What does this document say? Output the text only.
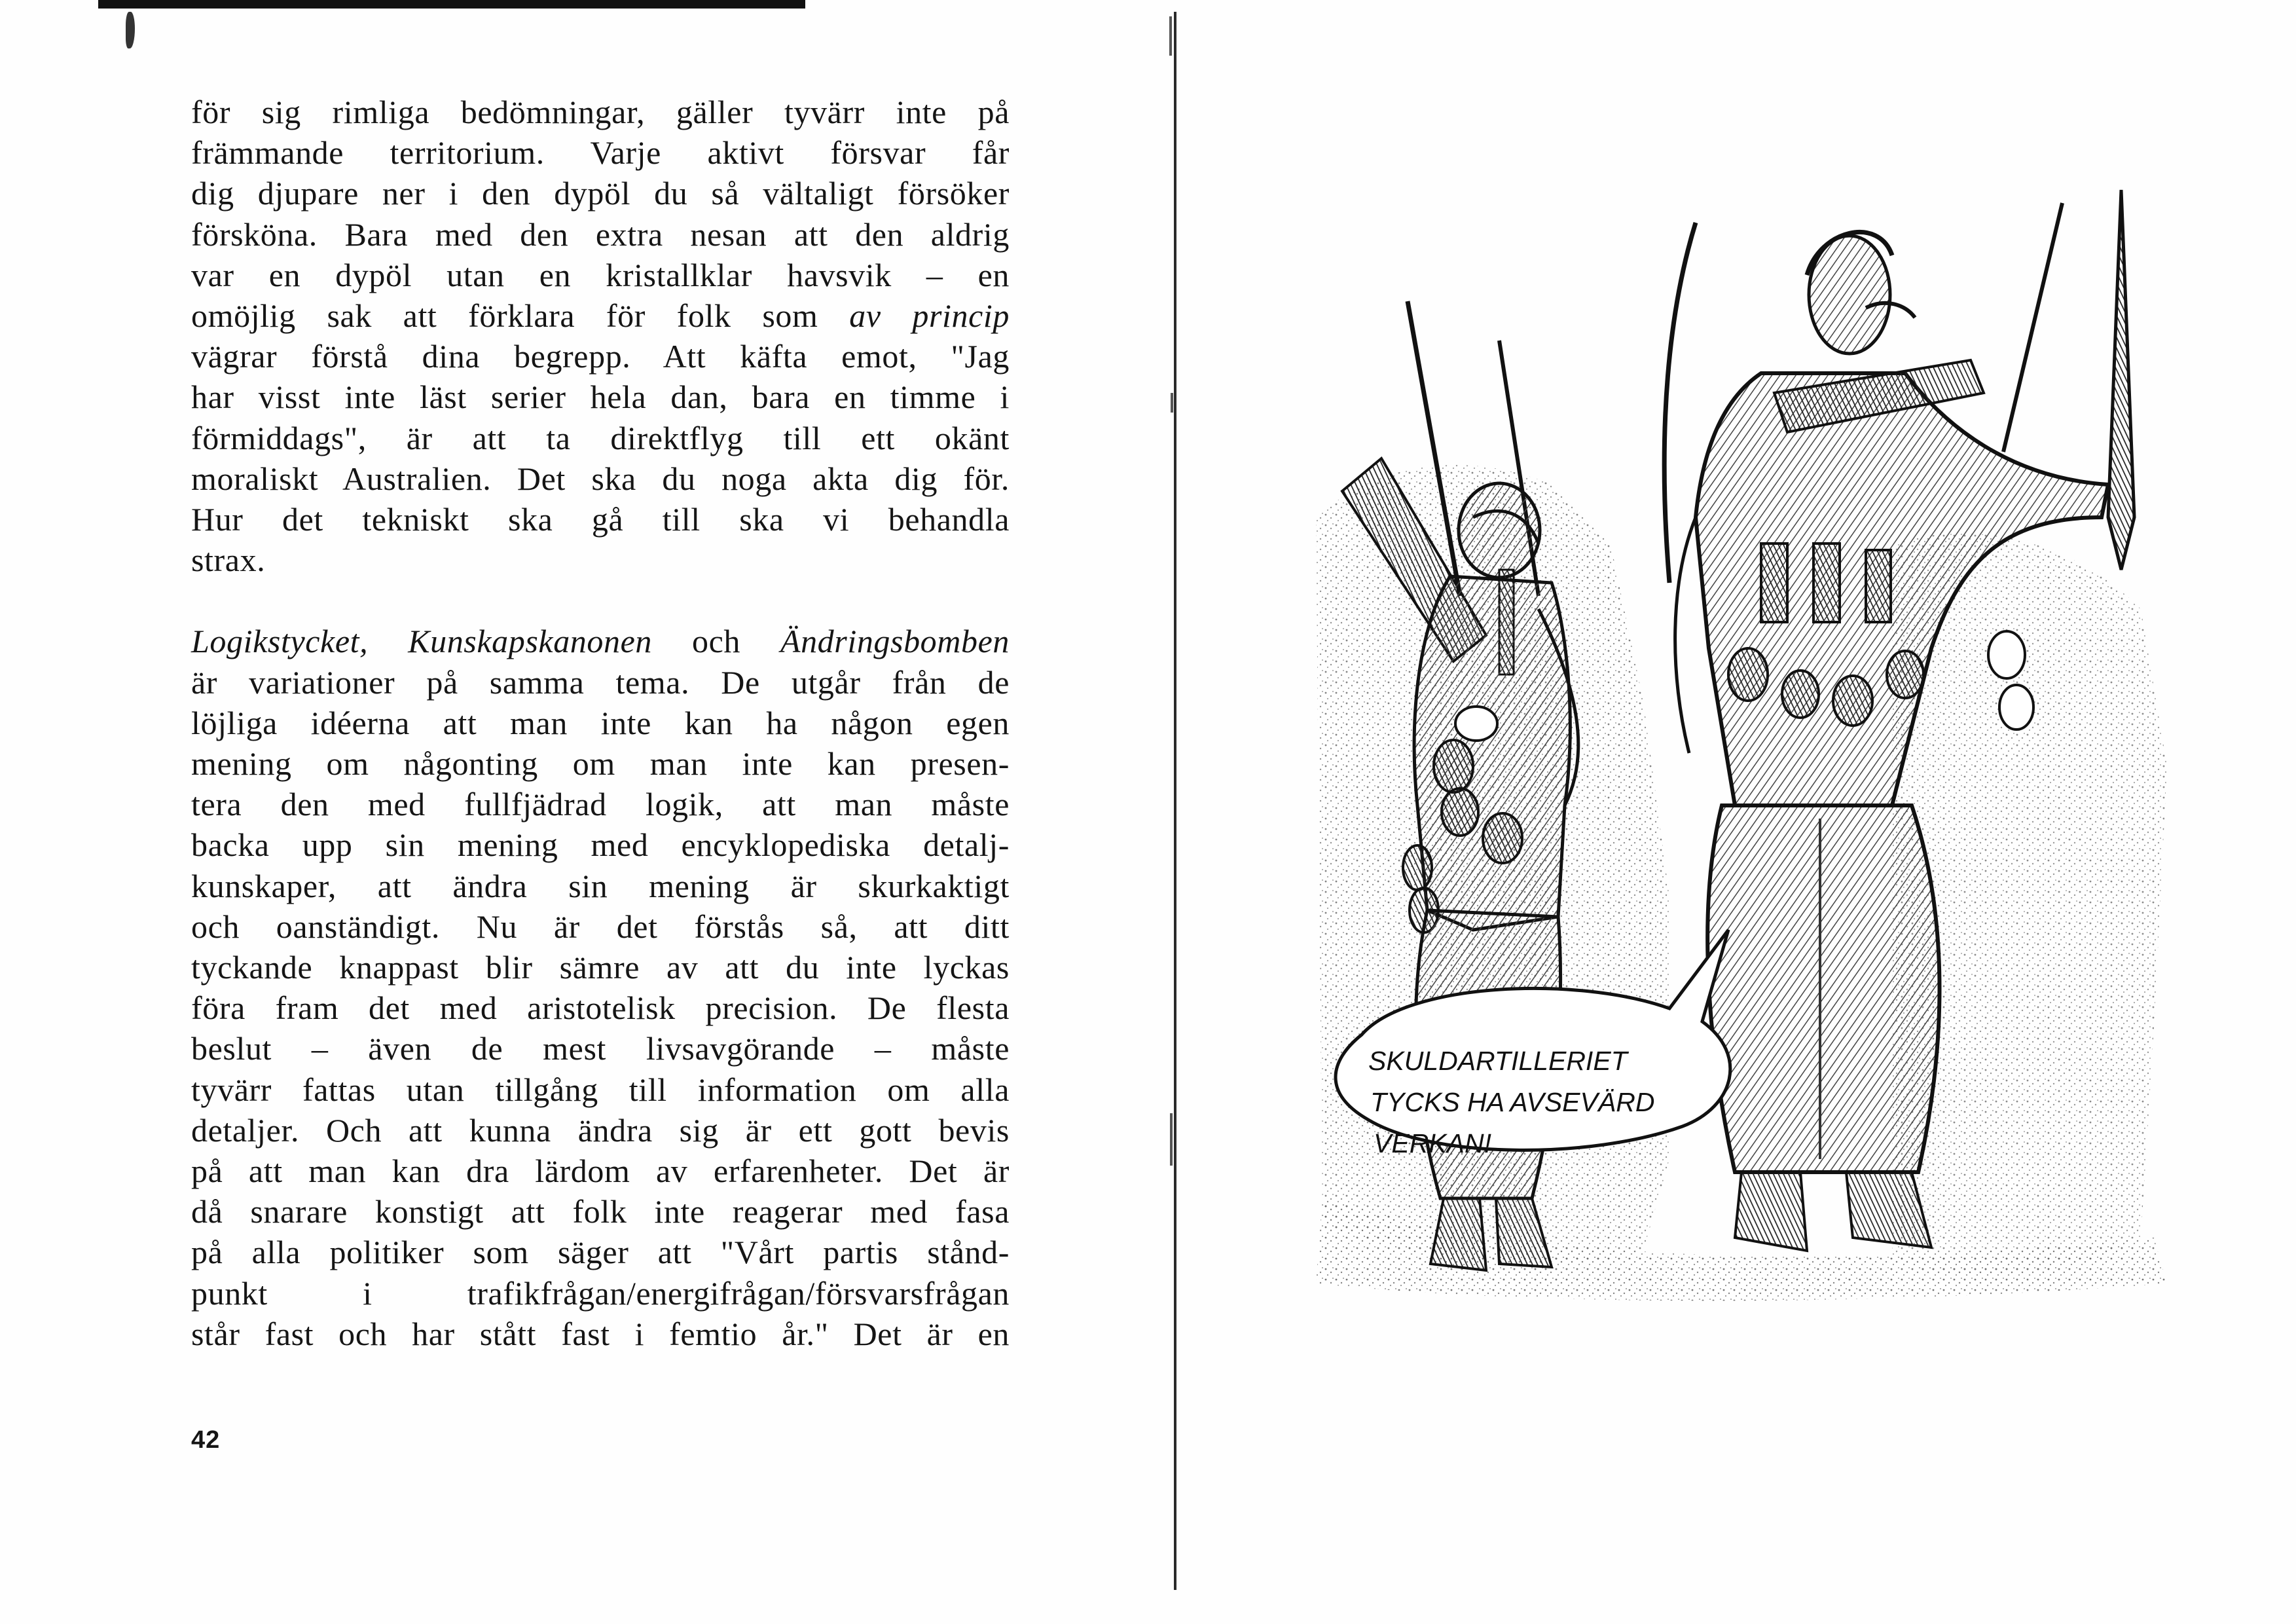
för sig rimliga bedömningar, gäller tyvärr inte på
främmande territorium. Varje aktivt försvar får
dig djupare ner i den dypöl du så vältaligt försöker
försköna. Bara med den extra nesan att den aldrig
var en dypöl utan en kristallklar havsvik – en
omöjlig sak att förklara för folk som av princip
vägrar förstå dina begrepp. Att käfta emot, "Jag
har visst inte läst serier hela dan, bara en timme i
förmiddags", är att ta direktflyg till ett okänt
moraliskt Australien. Det ska du noga akta dig för.
Hur det tekniskt ska gå till ska vi behandla
strax.

Logikstycket, Kunskapskanonen och Ändringsbomben
är variationer på samma tema. De utgår från de
löjliga idéerna att man inte kan ha någon egen
mening om någonting om man inte kan presen-
tera den med fullfjädrad logik, att man måste
backa upp sin mening med encyklopediska detalj-
kunskaper, att ändra sin mening är skurkaktigt
och oanständigt. Nu är det förstås så, att ditt
tyckande knappast blir sämre av att du inte lyckas
föra fram det med aristotelisk precision. De flesta
beslut – även de mest livsavgörande – måste
tyvärr fattas utan tillgång till information om alla
detaljer. Och att kunna ändra sig är ett gott bevis
på att man kan dra lärdom av erfarenheter. Det är
då snarare konstigt att folk inte reagerar med fasa
på alla politiker som säger att "Vårt partis stånd-
punkt i trafikfrågan/energifrågan/försvarsfrågan
står fast och har stått fast i femtio år." Det är en

42
SKULDARTILLERIET
TYCKS HA AVSEVÄRD
VERKAN!
